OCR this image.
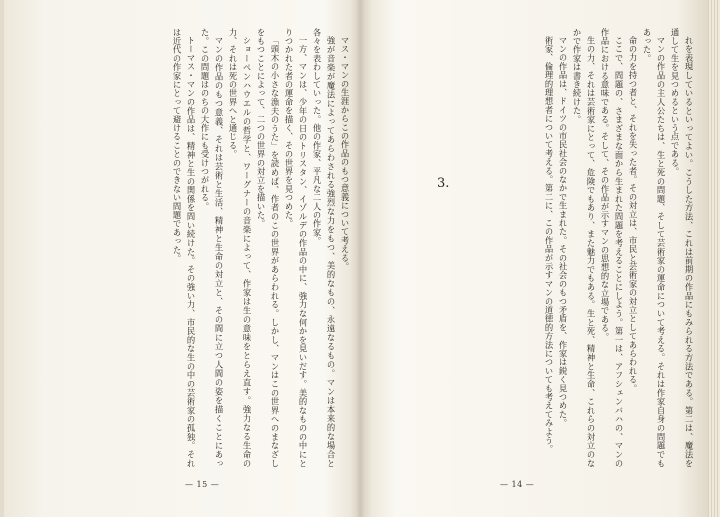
マス・マンの生涯からこの作品のもつ意義について考える。

強が音楽が魔法によってあらわされる強烈な力をもつ、美的なもの、永遠なるもの。マンは本来的な場合と各々を表わしていった。他の作家、平凡な二人の作家。

一方、マンは、少年の日のトリスタン、イゾルデの作品の中に、強力な何かを見いだす。美的なものの中にとりつかれた者の運命を描く、その世界を見つめた。

「頭木の小さな漁夫のうた」を読めば、作者のこの世界があらわれる。しかし、マンはこの世界へのまなざしをもつことによって、二つの世界の対立を描いた。

ショーペンハウエルの哲学と、ワーグナーの音楽によって、作家は生の意味をとらえ直す。強力なる生命の力、それは死の世界へと通じる。

マンの作品のもつ意義、それは芸術と生活、精神と生命の対立と、その間に立つ人間の姿を描くことにあった。この問題はのちの大作にも受けつがれる。

トーマス・マンの作品は、精神と生の関係を問い続けた。その強い力、市民的な生の中の芸術家の孤独。それは近代の作家にとって避けることのできない問題であった。	れを表現しているといってよい。こうした方法、これは前期の作品にもみられる方法である。第二は、魔法を通して生を見つめるという点である。

マンの作品の主人公たちは、生と死の問題、そして芸術家の運命について考える。それは作家自身の問題でもあった。

命の力を持つ者と、それを失った者。その対立は、市民と芸術家の対立としてあらわれる。

ここで、問題の、さまざまな面から生まれた問題を考えることにしよう。第一は、アフシェンバハの、マンの作品における意味である。そして、その作品が示すマンの思想的な立場である。

生の力、それは芸術家にとって、危険でもあり、また魅力でもある。生と死、精神と生命、これらの対立のなかで作家は書き続けた。

マンの作品は、ドイツの市民社会のなかで生まれた。その社会のもつ矛盾を、作家は鋭く見つめた。

術家、倫理的理想者について考える。第二に、この作品が示すマンの道徳的方法についても考えてみよう。

3.
— 15 —	— 14 —
